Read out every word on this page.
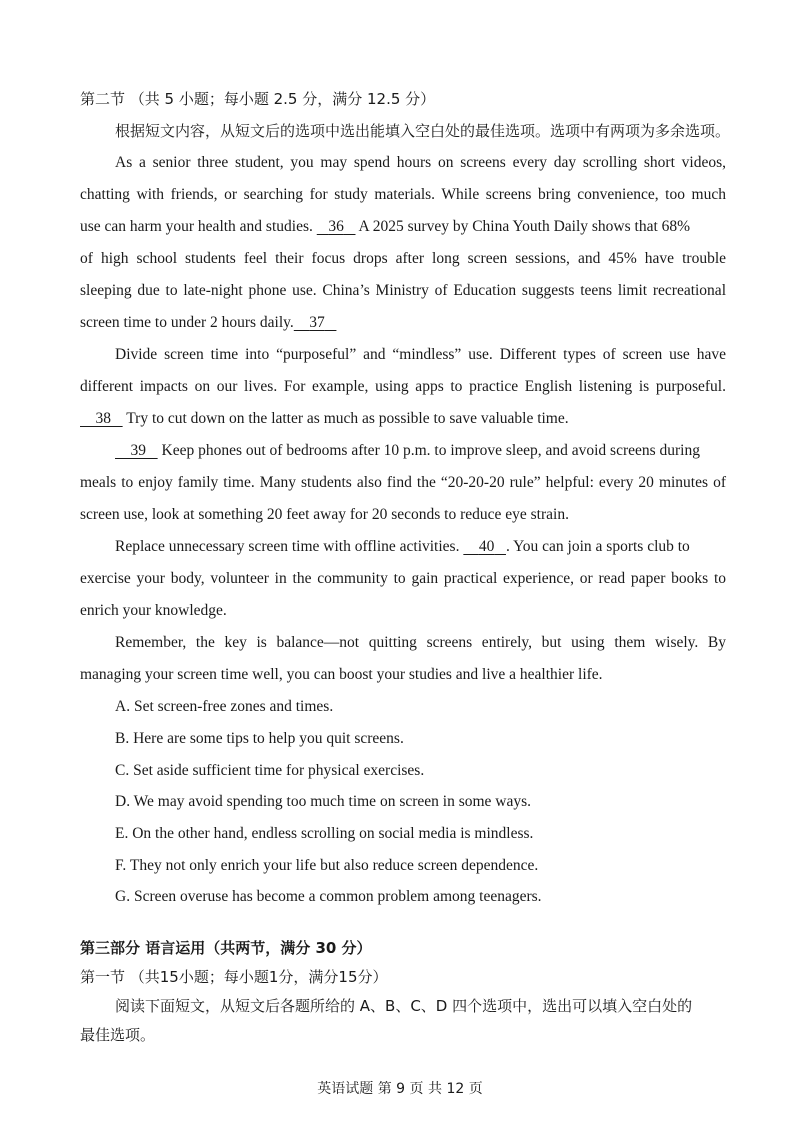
第二节 （共 5 小题；每小题 2.5 分，满分 12.5 分）
根据短文内容，从短文后的选项中选出能填入空白处的最佳选项。选项中有两项为多余选项。
As a senior three student, you may spend hours on screens every day scrolling short videos,
chatting with friends, or searching for study materials. While screens bring convenience, too much
use can harm your health and studies. 36 A 2025 survey by China Youth Daily shows that 68%
of high school students feel their focus drops after long screen sessions, and 45% have trouble
sleeping due to late-night phone use. China’s Ministry of Education suggests teens limit recreational
screen time to under 2 hours daily. 37
Divide screen time into “purposeful” and “mindless” use. Different types of screen use have
different impacts on our lives. For example, using apps to practice English listening is purposeful.
38 Try to cut down on the latter as much as possible to save valuable time.
39 Keep phones out of bedrooms after 10 p.m. to improve sleep, and avoid screens during
meals to enjoy family time. Many students also find the “20-20-20 rule” helpful: every 20 minutes of
screen use, look at something 20 feet away for 20 seconds to reduce eye strain.
Replace unnecessary screen time with offline activities. 40 . You can join a sports club to
exercise your body, volunteer in the community to gain practical experience, or read paper books to
enrich your knowledge.
Remember, the key is balance—not quitting screens entirely, but using them wisely. By
managing your screen time well, you can boost your studies and live a healthier life.
A. Set screen-free zones and times.
B. Here are some tips to help you quit screens.
C. Set aside sufficient time for physical exercises.
D. We may avoid spending too much time on screen in some ways.
E. On the other hand, endless scrolling on social media is mindless.
F. They not only enrich your life but also reduce screen dependence.
G. Screen overuse has become a common problem among teenagers.
第三部分 语言运用（共两节，满分 30 分）
第一节 （共15小题；每小题1分，满分15分）
阅读下面短文，从短文后各题所给的 A、B、C、D 四个选项中，选出可以填入空白处的
最佳选项。
英语试题 第 9 页 共 12 页
